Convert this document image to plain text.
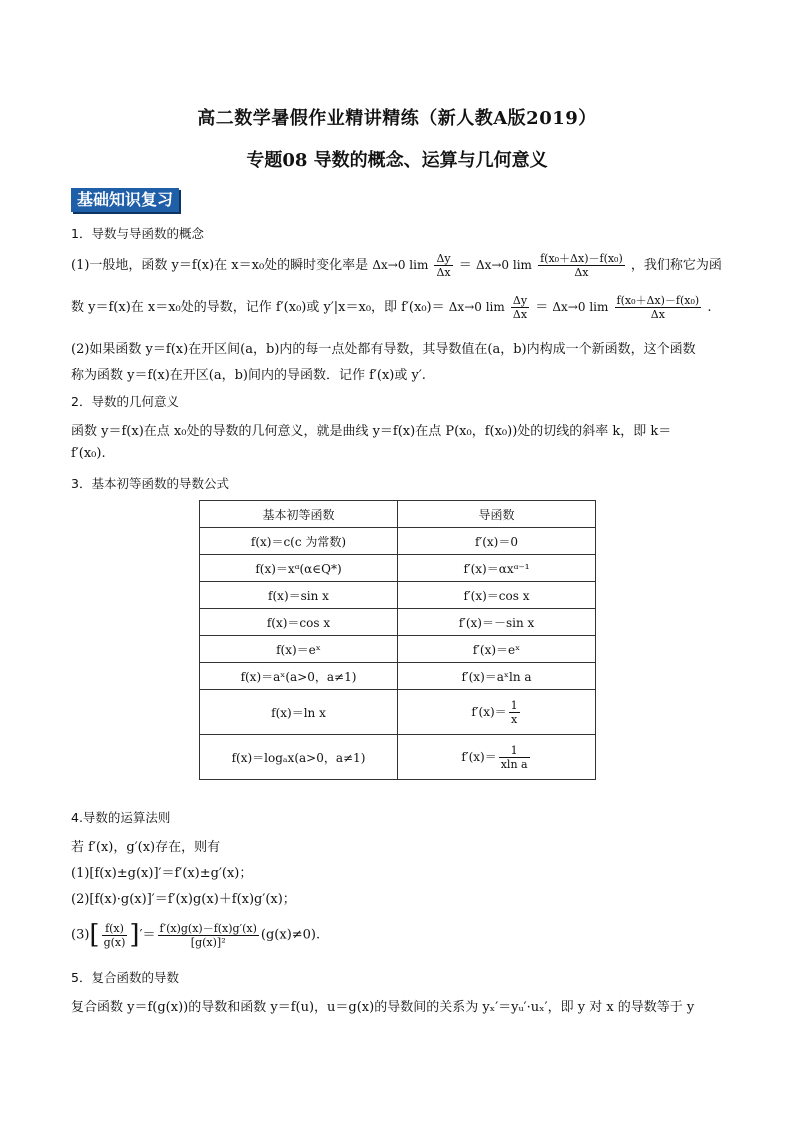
高二数学暑假作业精讲精练（新人教A版2019）
专题08 导数的概念、运算与几何意义
基础知识复习
1．导数与导函数的概念
(1)一般地，函数 y＝f(x)在 x＝x₀处的瞬时变化率是 Δx→0 $\lim \frac{\Delta y}{\Delta x} = \Delta x\to 0$ $\lim \frac{\text{f(x₀＋Δx)－f(x₀)}}{\Delta x}$ ，我们称它为函
数 y＝f(x)在 x＝x₀处的导数，记作 f′(x₀)或 y′|x＝x₀，即 f′(x₀)＝ Δx→0 $\lim \frac{\Delta y}{\Delta x} = \Delta x\to 0$ $\lim \frac{\text{f(x₀＋Δx)－f(x₀)}}{\Delta x}$ .
(2)如果函数 y＝f(x)在开区间(a，b)内的每一点处都有导数，其导数值在(a，b)内构成一个新函数，这个函数
称为函数 y＝f(x)在开区(a，b)间内的导函数．记作 f′(x)或 y′.
2．导数的几何意义
函数 y＝f(x)在点 x₀处的导数的几何意义，就是曲线 y＝f(x)在点 P(x₀，f(x₀))处的切线的斜率 k，即 k＝
f′(x₀).
3．基本初等函数的导数公式
基本初等函数	导函数
f(x)＝c(c 为常数)	f′(x)＝0
f(x)＝xᵅ(α∈Q*)	f′(x)＝αxᵅ⁻¹
f(x)＝sin x	f′(x)＝cos x
f(x)＝cos x	f′(x)＝－sin x
f(x)＝eˣ	f′(x)＝eˣ
f(x)＝aˣ(a>0，a≠1)	f′(x)＝aˣln a
f(x)＝ln x	$f'(x)= \frac{1}{x}$

f(x)＝logₐx(a>0，a≠1)	$f'(x)= \frac{1}{\text{xln a}}$
4.导数的运算法则
若 f′(x)，g′(x)存在，则有
(1)[f(x)±g(x)]′＝f′(x)±g′(x)；
(2)[f(x)·g(x)]′＝f′(x)g(x)＋f(x)g′(x)；
$(3)[ \frac{f(x)}{g(x)}$ ]′＝ $\frac{f'(x)g(x)-f(x)g'(x)}{\text{[g(x)]²}} (g(x)\ne 0)$.
5．复合函数的导数
复合函数 y＝f(g(x))的导数和函数 y＝f(u)，u＝g(x)的导数间的关系为 yₓ′＝yᵤ′·uₓ′，即 y 对 x 的导数等于 y
